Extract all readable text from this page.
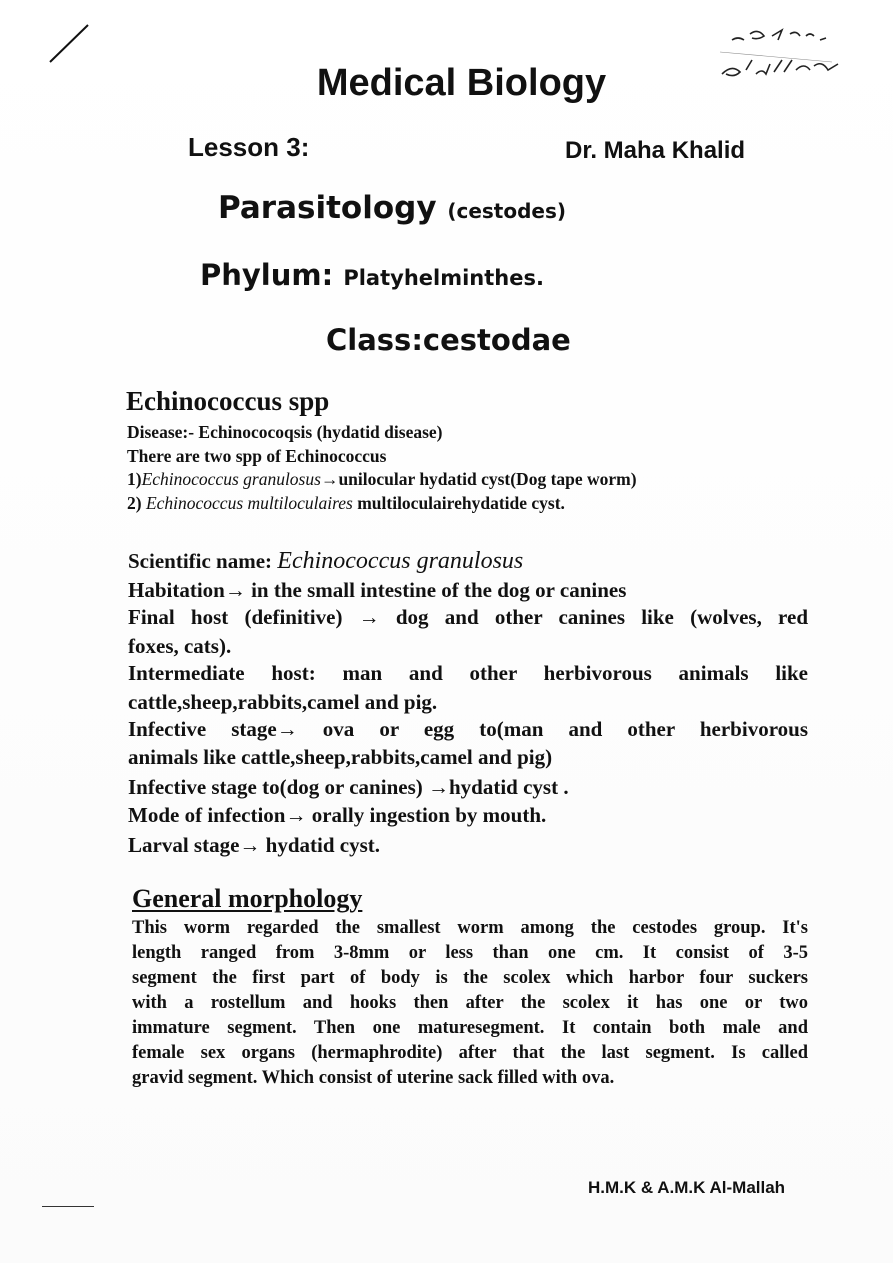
Medical Biology
Lesson 3:	Dr. Maha Khalid
Parasitology (cestodes)
Phylum: Platyhelminthes.
Class:cestodae
Echinococcus spp
Disease:- Echinococoqsis (hydatid disease)
There are two spp of Echinococcus
1)Echinococcus granulosus→unilocular hydatid cyst(Dog tape worm)
2) Echinococcus multiloculaires multiloculairehydatide cyst.
Scientific name: Echinococcus granulosus
Habitation→ in the small intestine of the dog or canines
Final host (definitive) → dog and other canines like (wolves, red
foxes, cats).
Intermediate host: man and other herbivorous animals like
cattle,sheep,rabbits,camel and pig.
Infective stage→ ova or egg to(man and other herbivorous
animals like cattle,sheep,rabbits,camel and pig)
Infective stage to(dog or canines) →hydatid cyst .
Mode of infection→ orally ingestion by mouth.
Larval stage→ hydatid cyst.
General morphology
This worm regarded the smallest worm among the cestodes group. It's
length ranged from 3-8mm or less than one cm. It consist of 3-5
segment the first part of body is the scolex which harbor four suckers
with a rostellum and hooks then after the scolex it has one or two
immature segment. Then one maturesegment. It contain both male and
female sex organs (hermaphrodite) after that the last segment. Is called
gravid segment. Which consist of uterine sack filled with ova.
H.M.K & A.M.K Al-Mallah
